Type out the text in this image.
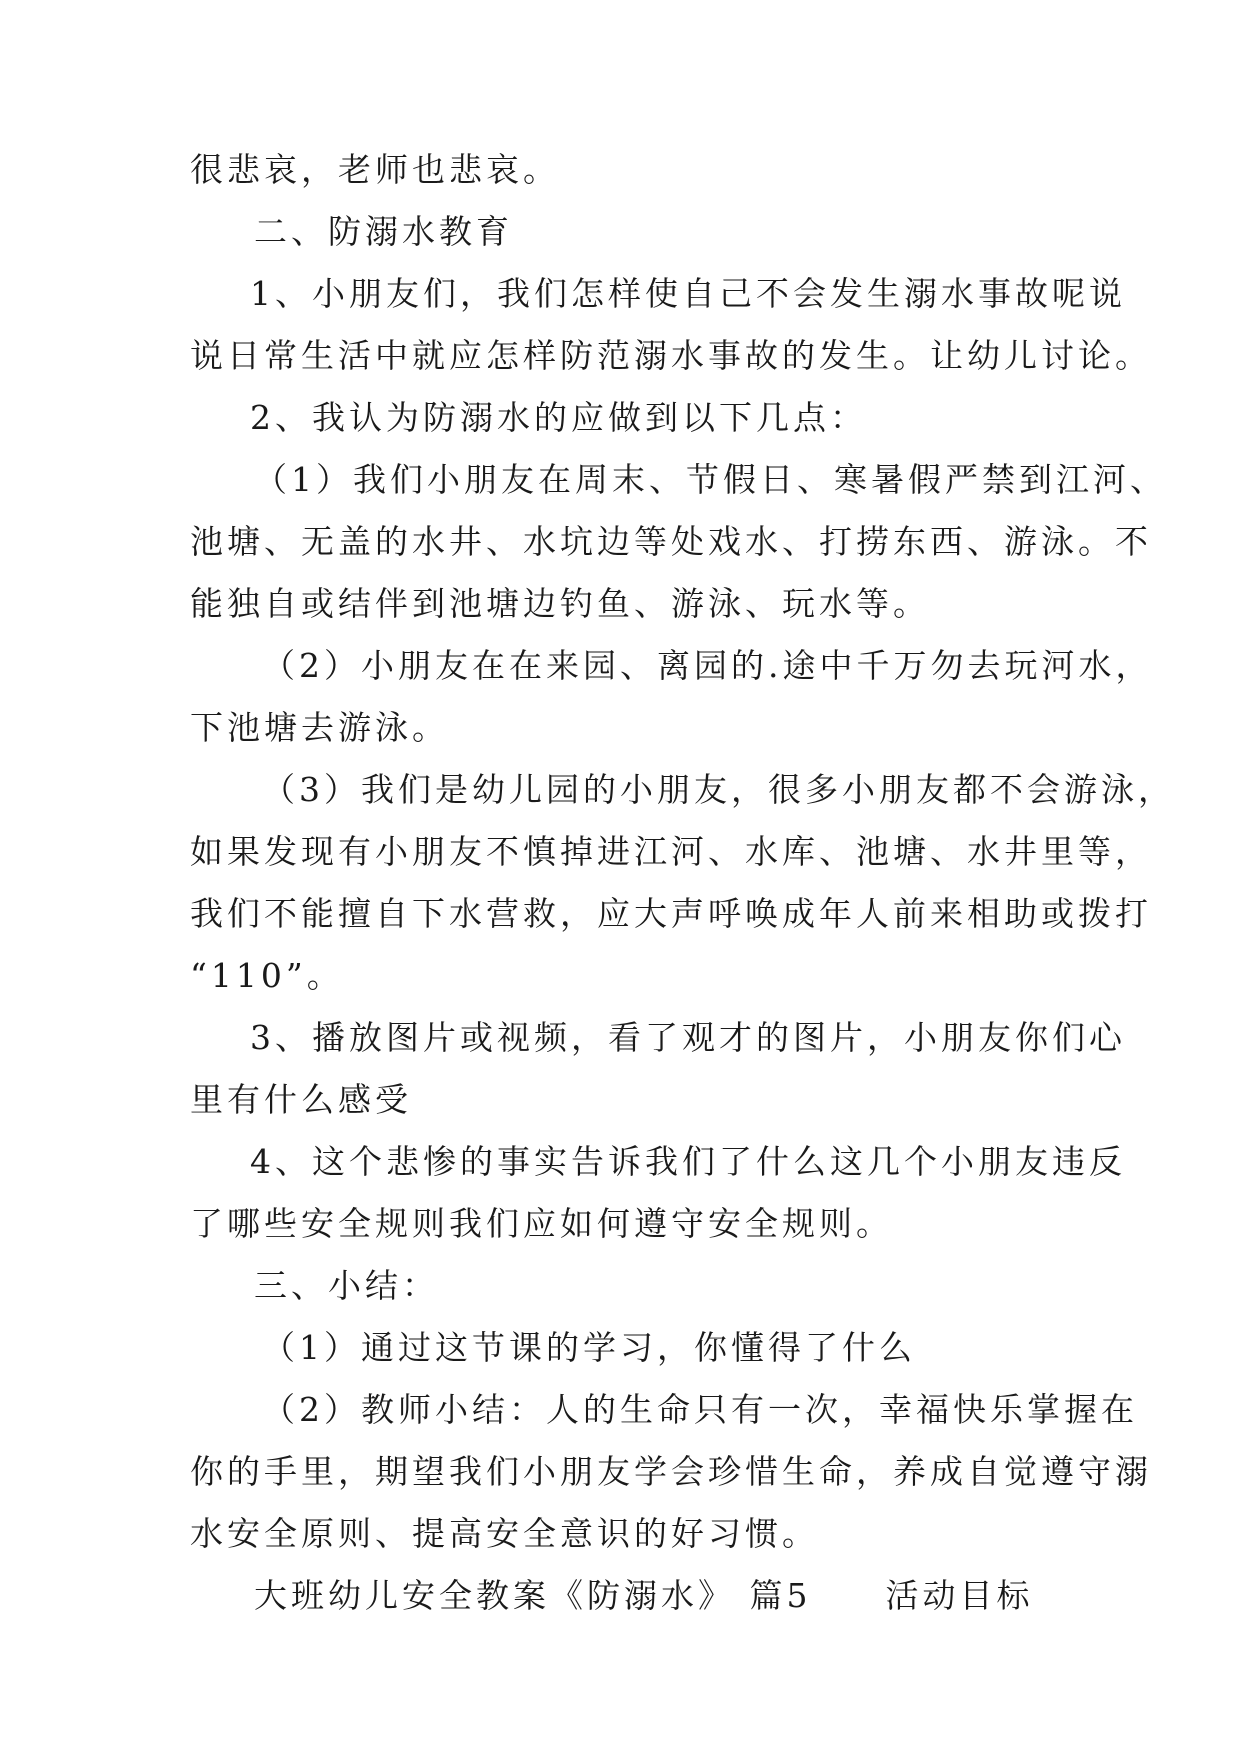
很悲哀，老师也悲哀。

二、防溺水教育

1、小朋友们，我们怎样使自己不会发生溺水事故呢说

说日常生活中就应怎样防范溺水事故的发生。让幼儿讨论。

2、我认为防溺水的应做到以下几点：

（1）我们小朋友在周末、节假日、寒暑假严禁到江河、

池塘、无盖的水井、水坑边等处戏水、打捞东西、游泳。不

能独自或结伴到池塘边钓鱼、游泳、玩水等。

（2）小朋友在在来园、离园的.途中千万勿去玩河水，

下池塘去游泳。

（3）我们是幼儿园的小朋友，很多小朋友都不会游泳，

如果发现有小朋友不慎掉进江河、水库、池塘、水井里等，

我们不能擅自下水营救，应大声呼唤成年人前来相助或拨打

“110”。

3、播放图片或视频，看了观才的图片，小朋友你们心

里有什么感受

4、这个悲惨的事实告诉我们了什么这几个小朋友违反

了哪些安全规则我们应如何遵守安全规则。

三、小结：

（1）通过这节课的学习，你懂得了什么

（2）教师小结：人的生命只有一次，幸福快乐掌握在

你的手里，期望我们小朋友学会珍惜生命，养成自觉遵守溺

水安全原则、提高安全意识的好习惯。

大班幼儿安全教案《防溺水》 篇5　　活动目标
